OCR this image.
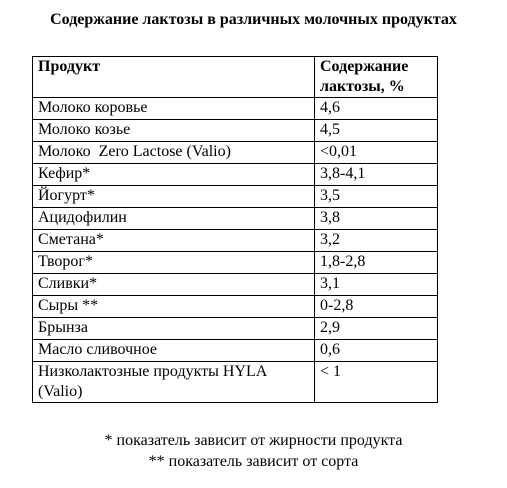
Содержание лактозы в различных молочных продуктах
Продукт	Содержание лактозы, %
Молоко коровье	4,6
Молоко козье	4,5
Молоко  Zero Lactose (Valio)	<0,01
Кефир*	3,8-4,1
Йогурт*	3,5
Ацидофилин	3,8
Сметана*	3,2
Творог*	1,8-2,8
Сливки*	3,1
Сыры **	0-2,8
Брынза	2,9
Масло сливочное	0,6
Низколактозные продукты HYLA (Valio)	< 1
* показатель зависит от жирности продукта
** показатель зависит от сорта
